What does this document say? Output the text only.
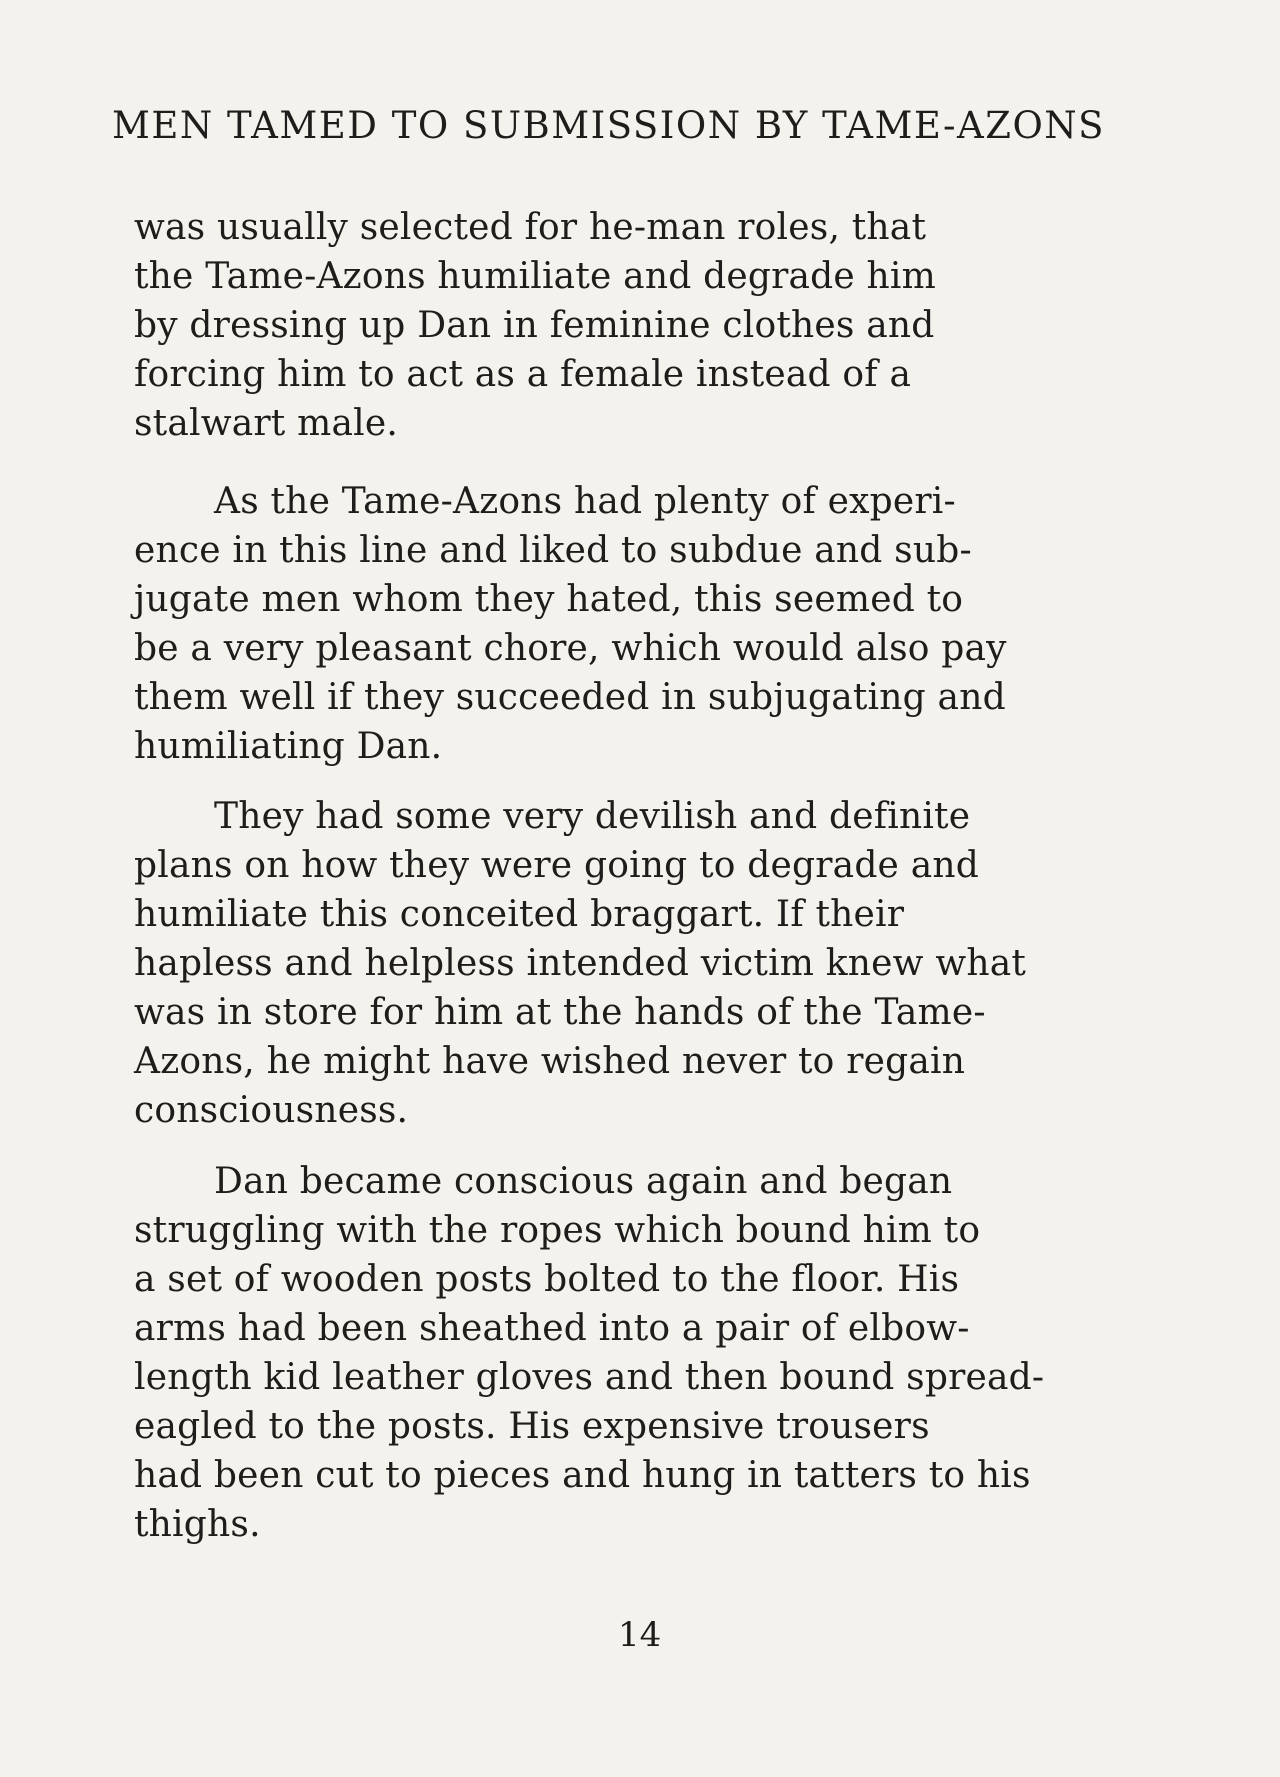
MEN TAMED TO SUBMISSION BY TAME-AZONS
was usually selected for he-man roles, that
the Tame-Azons humiliate and degrade him
by dressing up Dan in feminine clothes and
forcing him to act as a female instead of a
stalwart male.
As the Tame-Azons had plenty of experi-
ence in this line and liked to subdue and sub-
jugate men whom they hated, this seemed to
be a very pleasant chore, which would also pay
them well if they succeeded in subjugating and
humiliating Dan.
They had some very devilish and definite
plans on how they were going to degrade and
humiliate this conceited braggart. If their
hapless and helpless intended victim knew what
was in store for him at the hands of the Tame-
Azons, he might have wished never to regain
consciousness.
Dan became conscious again and began
struggling with the ropes which bound him to
a set of wooden posts bolted to the floor. His
arms had been sheathed into a pair of elbow-
length kid leather gloves and then bound spread-
eagled to the posts. His expensive trousers
had been cut to pieces and hung in tatters to his
thighs.
14
